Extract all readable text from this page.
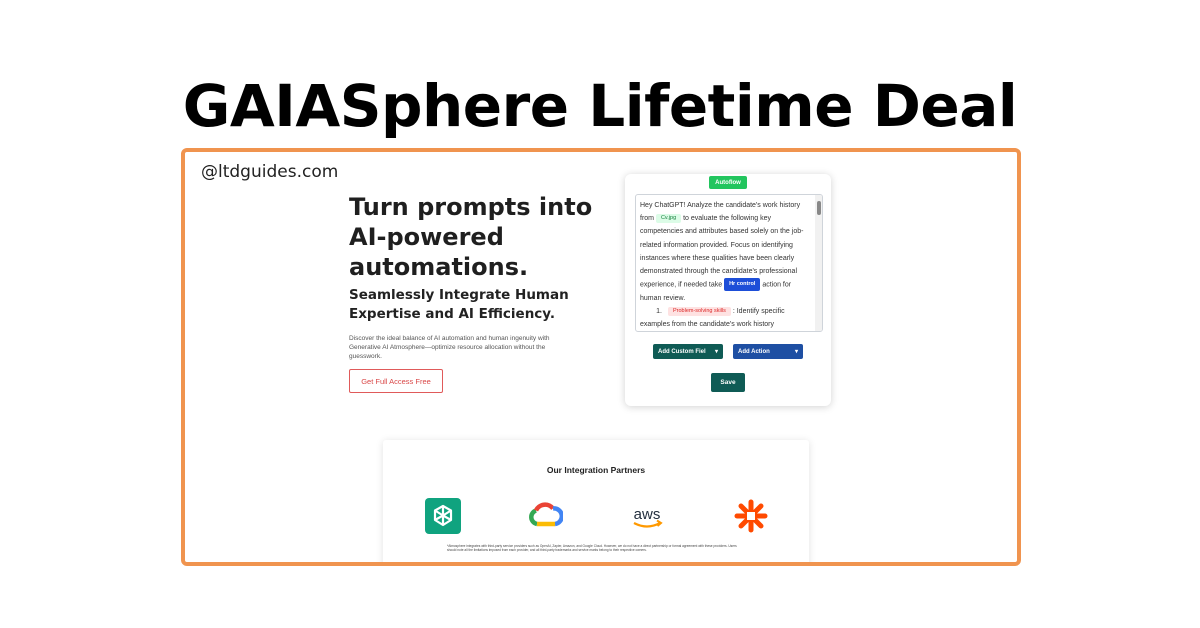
GAIASphere Lifetime Deal
@ltdguides.com
Turn prompts into AI-powered automations.
Seamlessly Integrate Human Expertise and AI Efficiency.

Discover the ideal balance of AI automation and human ingenuity with Generative AI Atmosphere—optimize resource allocation without the guesswork.

Get Full Access Free
Autoflow
Hey ChatGPT! Analyze the candidate's work history from Cv.jpg to evaluate the following key competencies and attributes based solely on the job-related information provided. Focus on identifying instances where these qualities have been clearly demonstrated through the candidate's professional experience, if needed take Hr control action for human review.
1. Problem-solving skills : Identify specific examples from the candidate's work history
Add Custom Fiel ▾	Add Action	▾
Save
Our Integration Partners
aws
*Atmosphere integrates with third-party service providers such as OpenAI, Zapier, Amazon, and Google Cloud. However, we do not have a direct partnership or formal agreement with these providers. Users should note all the limitations imposed from each provider, and all third-party trademarks and service marks belong to their respective owners.
